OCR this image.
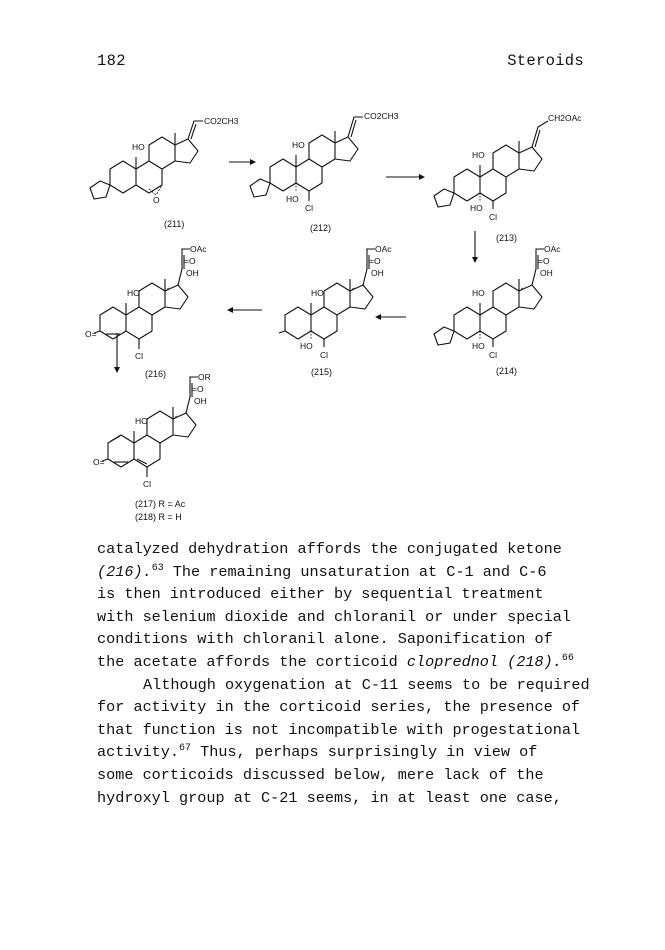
182	Steroids
CO2CH3
HO
O
(211)
CO2CH3
HO
HO
Cl
(212)
CH2OAc
HO
HO
Cl
(213)
OAc
=O
OH
HO
O=
Cl
(216)
OAc
=O
OH
HO
HO
Cl
(215)
OAc
=O
OH
HO
HO
Cl
(214)
OR
=O
OH
HO
O=
Cl
(217) R = Ac
(218) R = H

catalyzed dehydration affords the conjugated ketone
(216).$^{63}$ The remaining unsaturation at C-1 and C-6
is then introduced either by sequential treatment
with selenium dioxide and chloranil or under special
conditions with chloranil alone. Saponification of
the acetate affords the corticoid cloprednol (218).$^{66}$

Although oxygenation at C-11 seems to be required
for activity in the corticoid series, the presence of
that function is not incompatible with progestational
activity.$^{67}$ Thus, perhaps surprisingly in view of
some corticoids discussed below, mere lack of the
hydroxyl group at C-21 seems, in at least one case,
